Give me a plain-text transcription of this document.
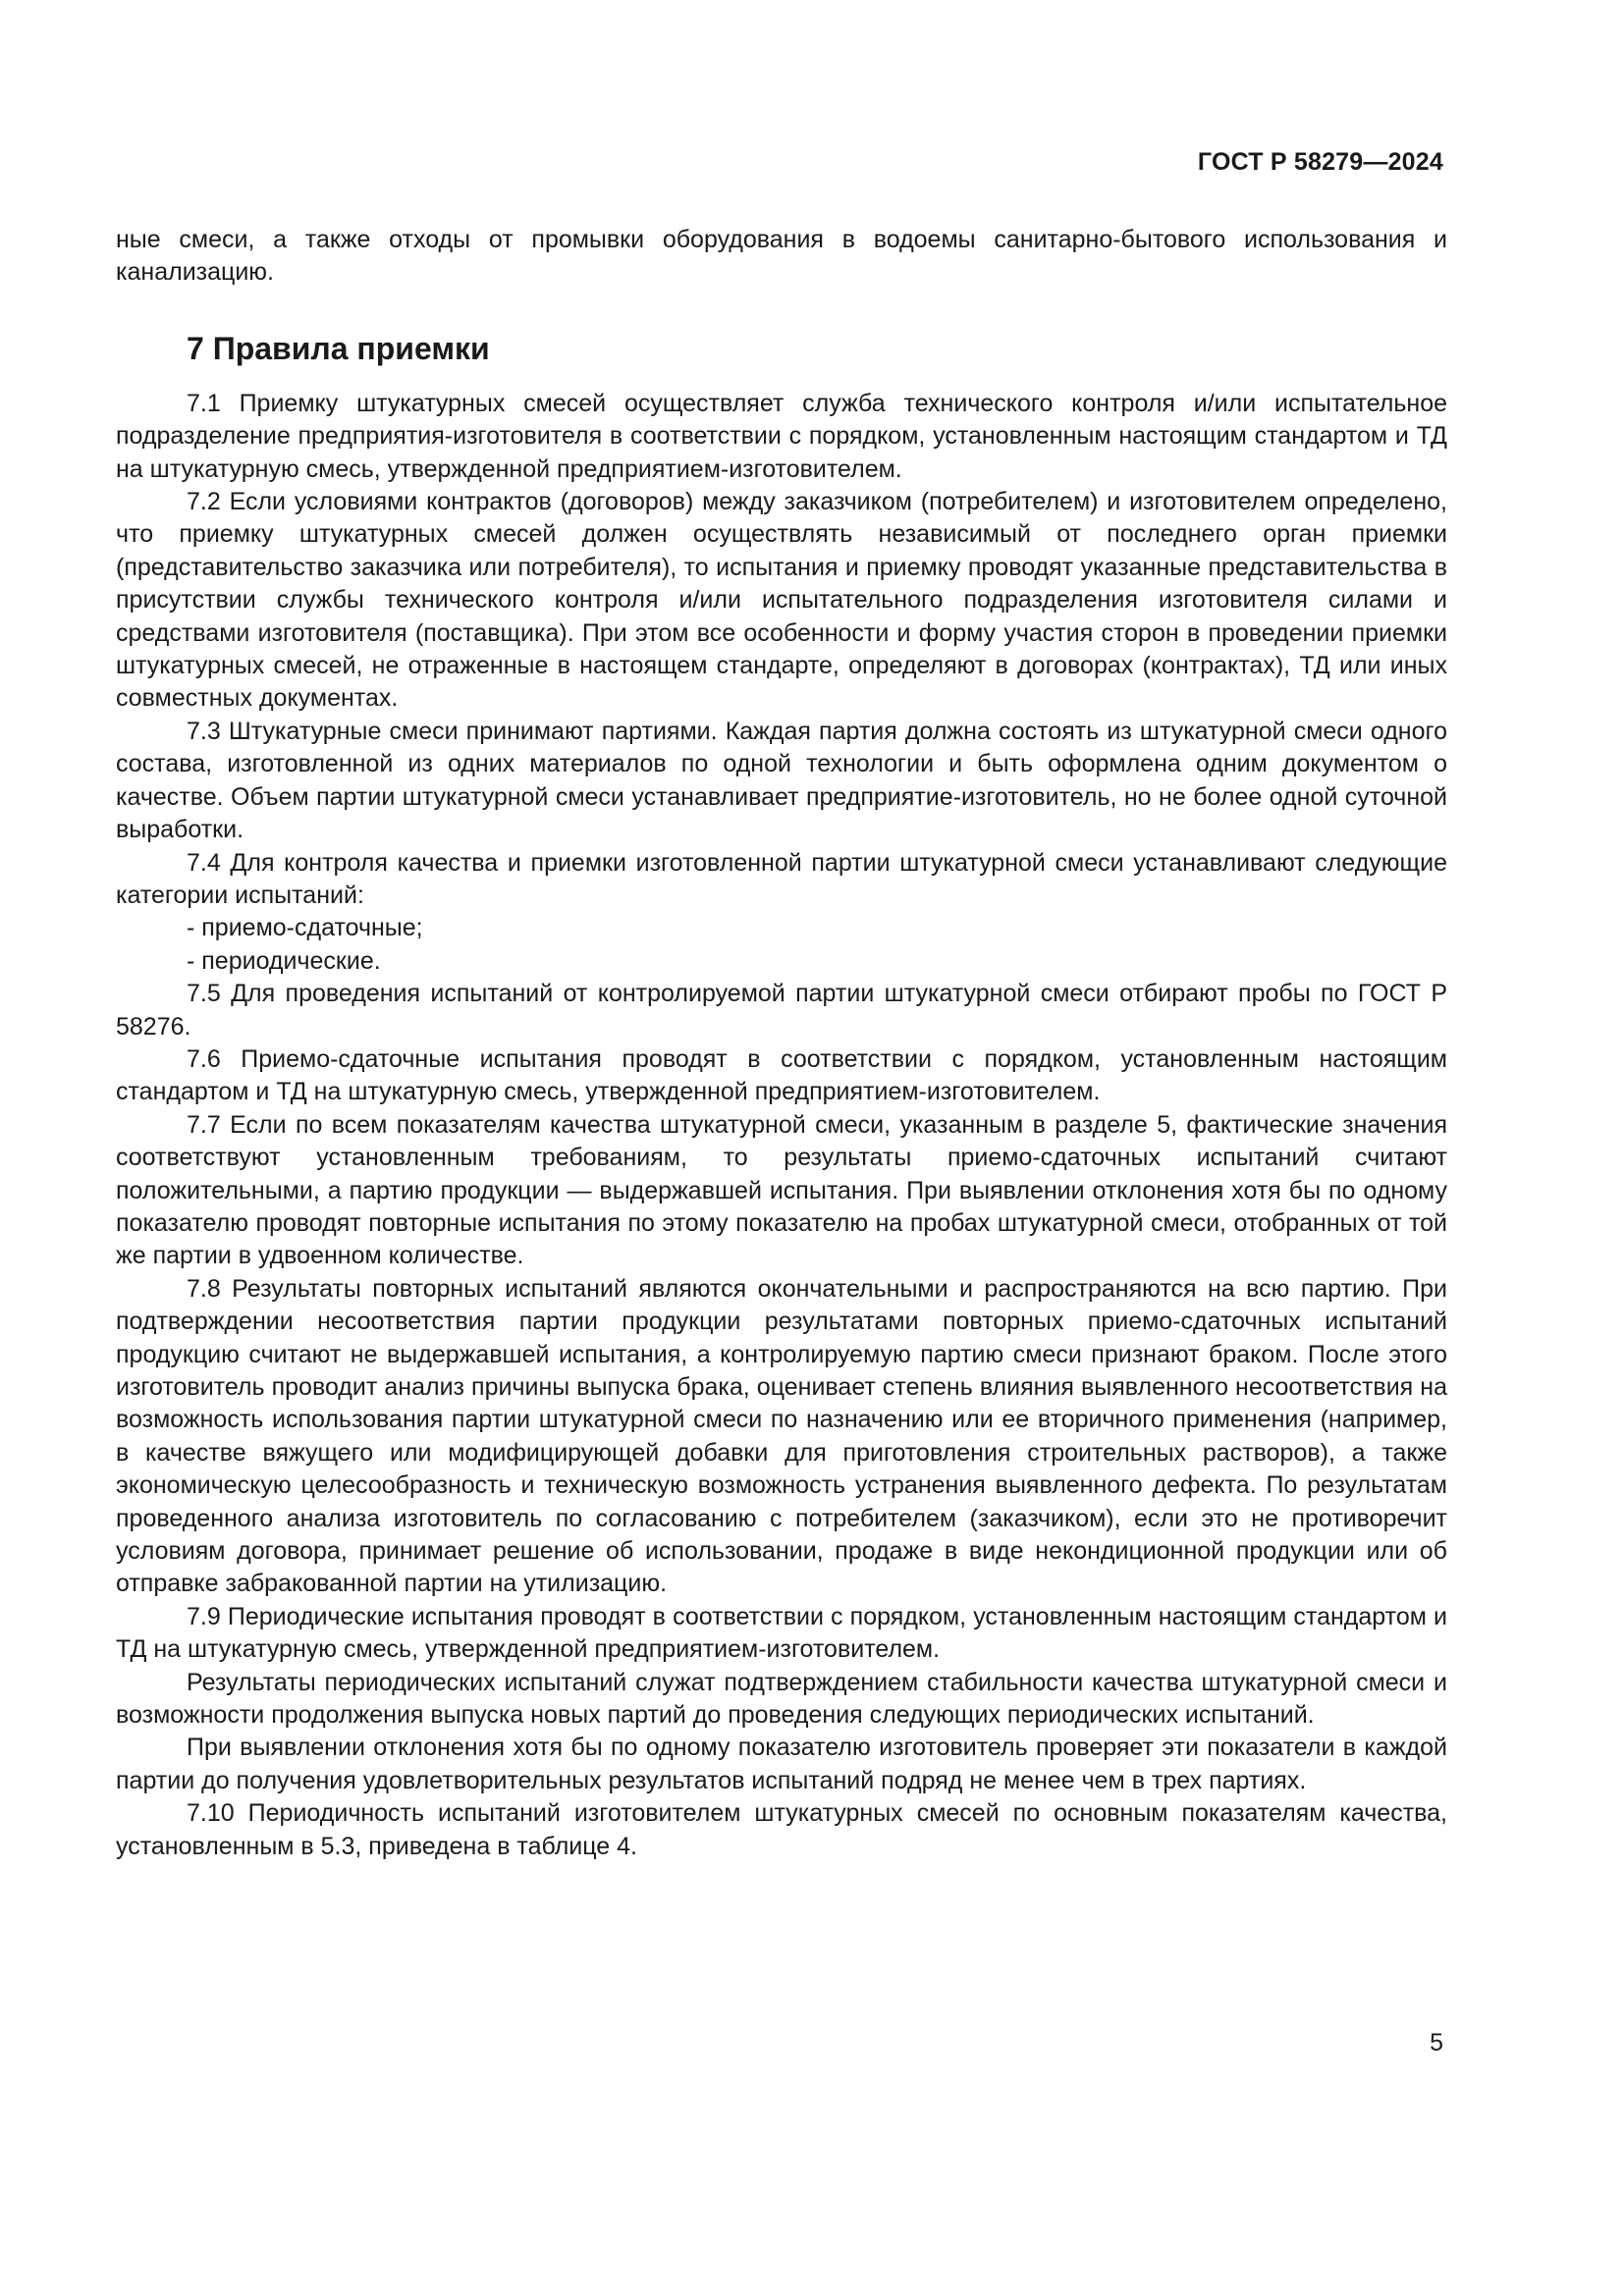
ГОСТ Р 58279—2024

ные смеси, а также отходы от промывки оборудования в водоемы санитарно-бытового использования и канализацию.

7 Правила приемки

7.1 Приемку штукатурных смесей осуществляет служба технического контроля и/или испытательное подразделение предприятия-изготовителя в соответствии с порядком, установленным настоящим стандартом и ТД на штукатурную смесь, утвержденной предприятием-изготовителем.

7.2 Если условиями контрактов (договоров) между заказчиком (потребителем) и изготовителем определено, что приемку штукатурных смесей должен осуществлять независимый от последнего орган приемки (представительство заказчика или потребителя), то испытания и приемку проводят указанные представительства в присутствии службы технического контроля и/или испытательного подразделения изготовителя силами и средствами изготовителя (поставщика). При этом все особенности и форму участия сторон в проведении приемки штукатурных смесей, не отраженные в настоящем стандарте, определяют в договорах (контрактах), ТД или иных совместных документах.

7.3 Штукатурные смеси принимают партиями. Каждая партия должна состоять из штукатурной смеси одного состава, изготовленной из одних материалов по одной технологии и быть оформлена одним документом о качестве. Объем партии штукатурной смеси устанавливает предприятие-изготовитель, но не более одной суточной выработки.

7.4 Для контроля качества и приемки изготовленной партии штукатурной смеси устанавливают следующие категории испытаний:

- приемо-сдаточные;

- периодические.

7.5 Для проведения испытаний от контролируемой партии штукатурной смеси отбирают пробы по ГОСТ Р 58276.

7.6 Приемо-сдаточные испытания проводят в соответствии с порядком, установленным настоящим стандартом и ТД на штукатурную смесь, утвержденной предприятием-изготовителем.

7.7 Если по всем показателям качества штукатурной смеси, указанным в разделе 5, фактические значения соответствуют установленным требованиям, то результаты приемо-сдаточных испытаний считают положительными, а партию продукции — выдержавшей испытания. При выявлении отклонения хотя бы по одному показателю проводят повторные испытания по этому показателю на пробах штукатурной смеси, отобранных от той же партии в удвоенном количестве.

7.8 Результаты повторных испытаний являются окончательными и распространяются на всю партию. При подтверждении несоответствия партии продукции результатами повторных приемо-сдаточных испытаний продукцию считают не выдержавшей испытания, а контролируемую партию смеси признают браком. После этого изготовитель проводит анализ причины выпуска брака, оценивает степень влияния выявленного несоответствия на возможность использования партии штукатурной смеси по назначению или ее вторичного применения (например, в качестве вяжущего или модифицирующей добавки для приготовления строительных растворов), а также экономическую целесообразность и техническую возможность устранения выявленного дефекта. По результатам проведенного анализа изготовитель по согласованию с потребителем (заказчиком), если это не противоречит условиям договора, принимает решение об использовании, продаже в виде некондиционной продукции или об отправке забракованной партии на утилизацию.

7.9 Периодические испытания проводят в соответствии с порядком, установленным настоящим стандартом и ТД на штукатурную смесь, утвержденной предприятием-изготовителем.

Результаты периодических испытаний служат подтверждением стабильности качества штукатурной смеси и возможности продолжения выпуска новых партий до проведения следующих периодических испытаний.

При выявлении отклонения хотя бы по одному показателю изготовитель проверяет эти показатели в каждой партии до получения удовлетворительных результатов испытаний подряд не менее чем в трех партиях.

7.10 Периодичность испытаний изготовителем штукатурных смесей по основным показателям качества, установленным в 5.3, приведена в таблице 4.

5
